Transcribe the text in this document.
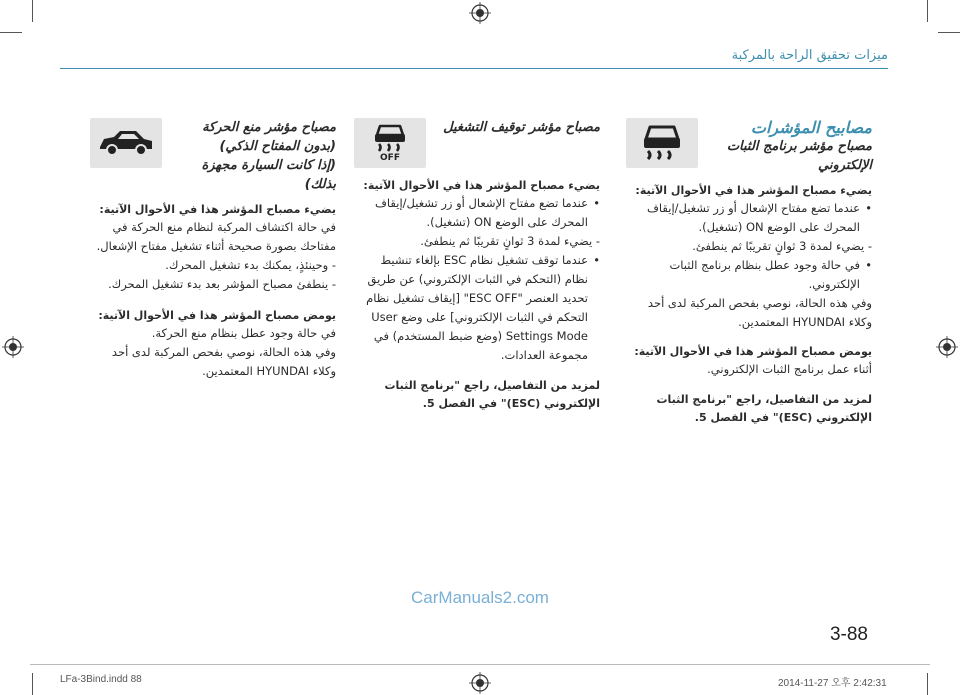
ميزات تحقيق الراحة بالمركبة
مصابيح المؤشرات
مصباح مؤشر برنامج الثبات
الإلكتروني
يضيء مصباح المؤشر هذا في الأحوال الآتية:

• عندما تضع مفتاح الإشعال أو زر تشغيل/إيقاف المحرك على الوضع ON (تشغيل).

- يضيء لمدة 3 ثوانٍ تقريبًا ثم ينطفئ.

• في حالة وجود عطل بنظام برنامج الثبات الإلكتروني.

وفي هذه الحالة، نوصي بفحص المركبة لدى أحد وكلاء HYUNDAI المعتمدين.

يومض مصباح المؤشر هذا في الأحوال الآتية:

أثناء عمل برنامج الثبات الإلكتروني.

لمزيد من التفاصيل، راجع "برنامج الثبات الإلكتروني (ESC)" في الفصل 5.
OFF
مصباح مؤشر توقيف التشغيل
يضيء مصباح المؤشر هذا في الأحوال الآتية:

• عندما تضع مفتاح الإشعال أو زر تشغيل/إيقاف المحرك على الوضع ON (تشغيل).

- يضيء لمدة 3 ثوانٍ تقريبًا ثم ينطفئ.

• عندما توقف تشغيل نظام ESC بإلغاء تنشيط نظام (التحكم في الثبات الإلكتروني) عن طريق تحديد العنصر "ESC OFF" [إيقاف تشغيل نظام التحكم في الثبات الإلكتروني] على وضع User Settings Mode (وضع ضبط المستخدم) في مجموعة العدادات.

لمزيد من التفاصيل، راجع "برنامج الثبات الإلكتروني (ESC)" في الفصل 5.
مصباح مؤشر منع الحركة
(بدون المفتاح الذكي)
(إذا كانت السيارة مجهزة بذلك)
يضيء مصباح المؤشر هذا في الأحوال الآتية:

في حالة اكتشاف المركبة لنظام منع الحركة في مفتاحك بصورة صحيحة أثناء تشغيل مفتاح الإشعال.

- وحينئذٍ، يمكنك بدء تشغيل المحرك.

- ينطفئ مصباح المؤشر بعد بدء تشغيل المحرك.

يومض مصباح المؤشر هذا في الأحوال الآتية:

في حالة وجود عطل بنظام منع الحركة.

وفي هذه الحالة، نوصي بفحص المركبة لدى أحد وكلاء HYUNDAI المعتمدين.

CarManuals2.com
3-88
LFa-3Bind.indd 88	2014-11-27 오후 2:42:31
